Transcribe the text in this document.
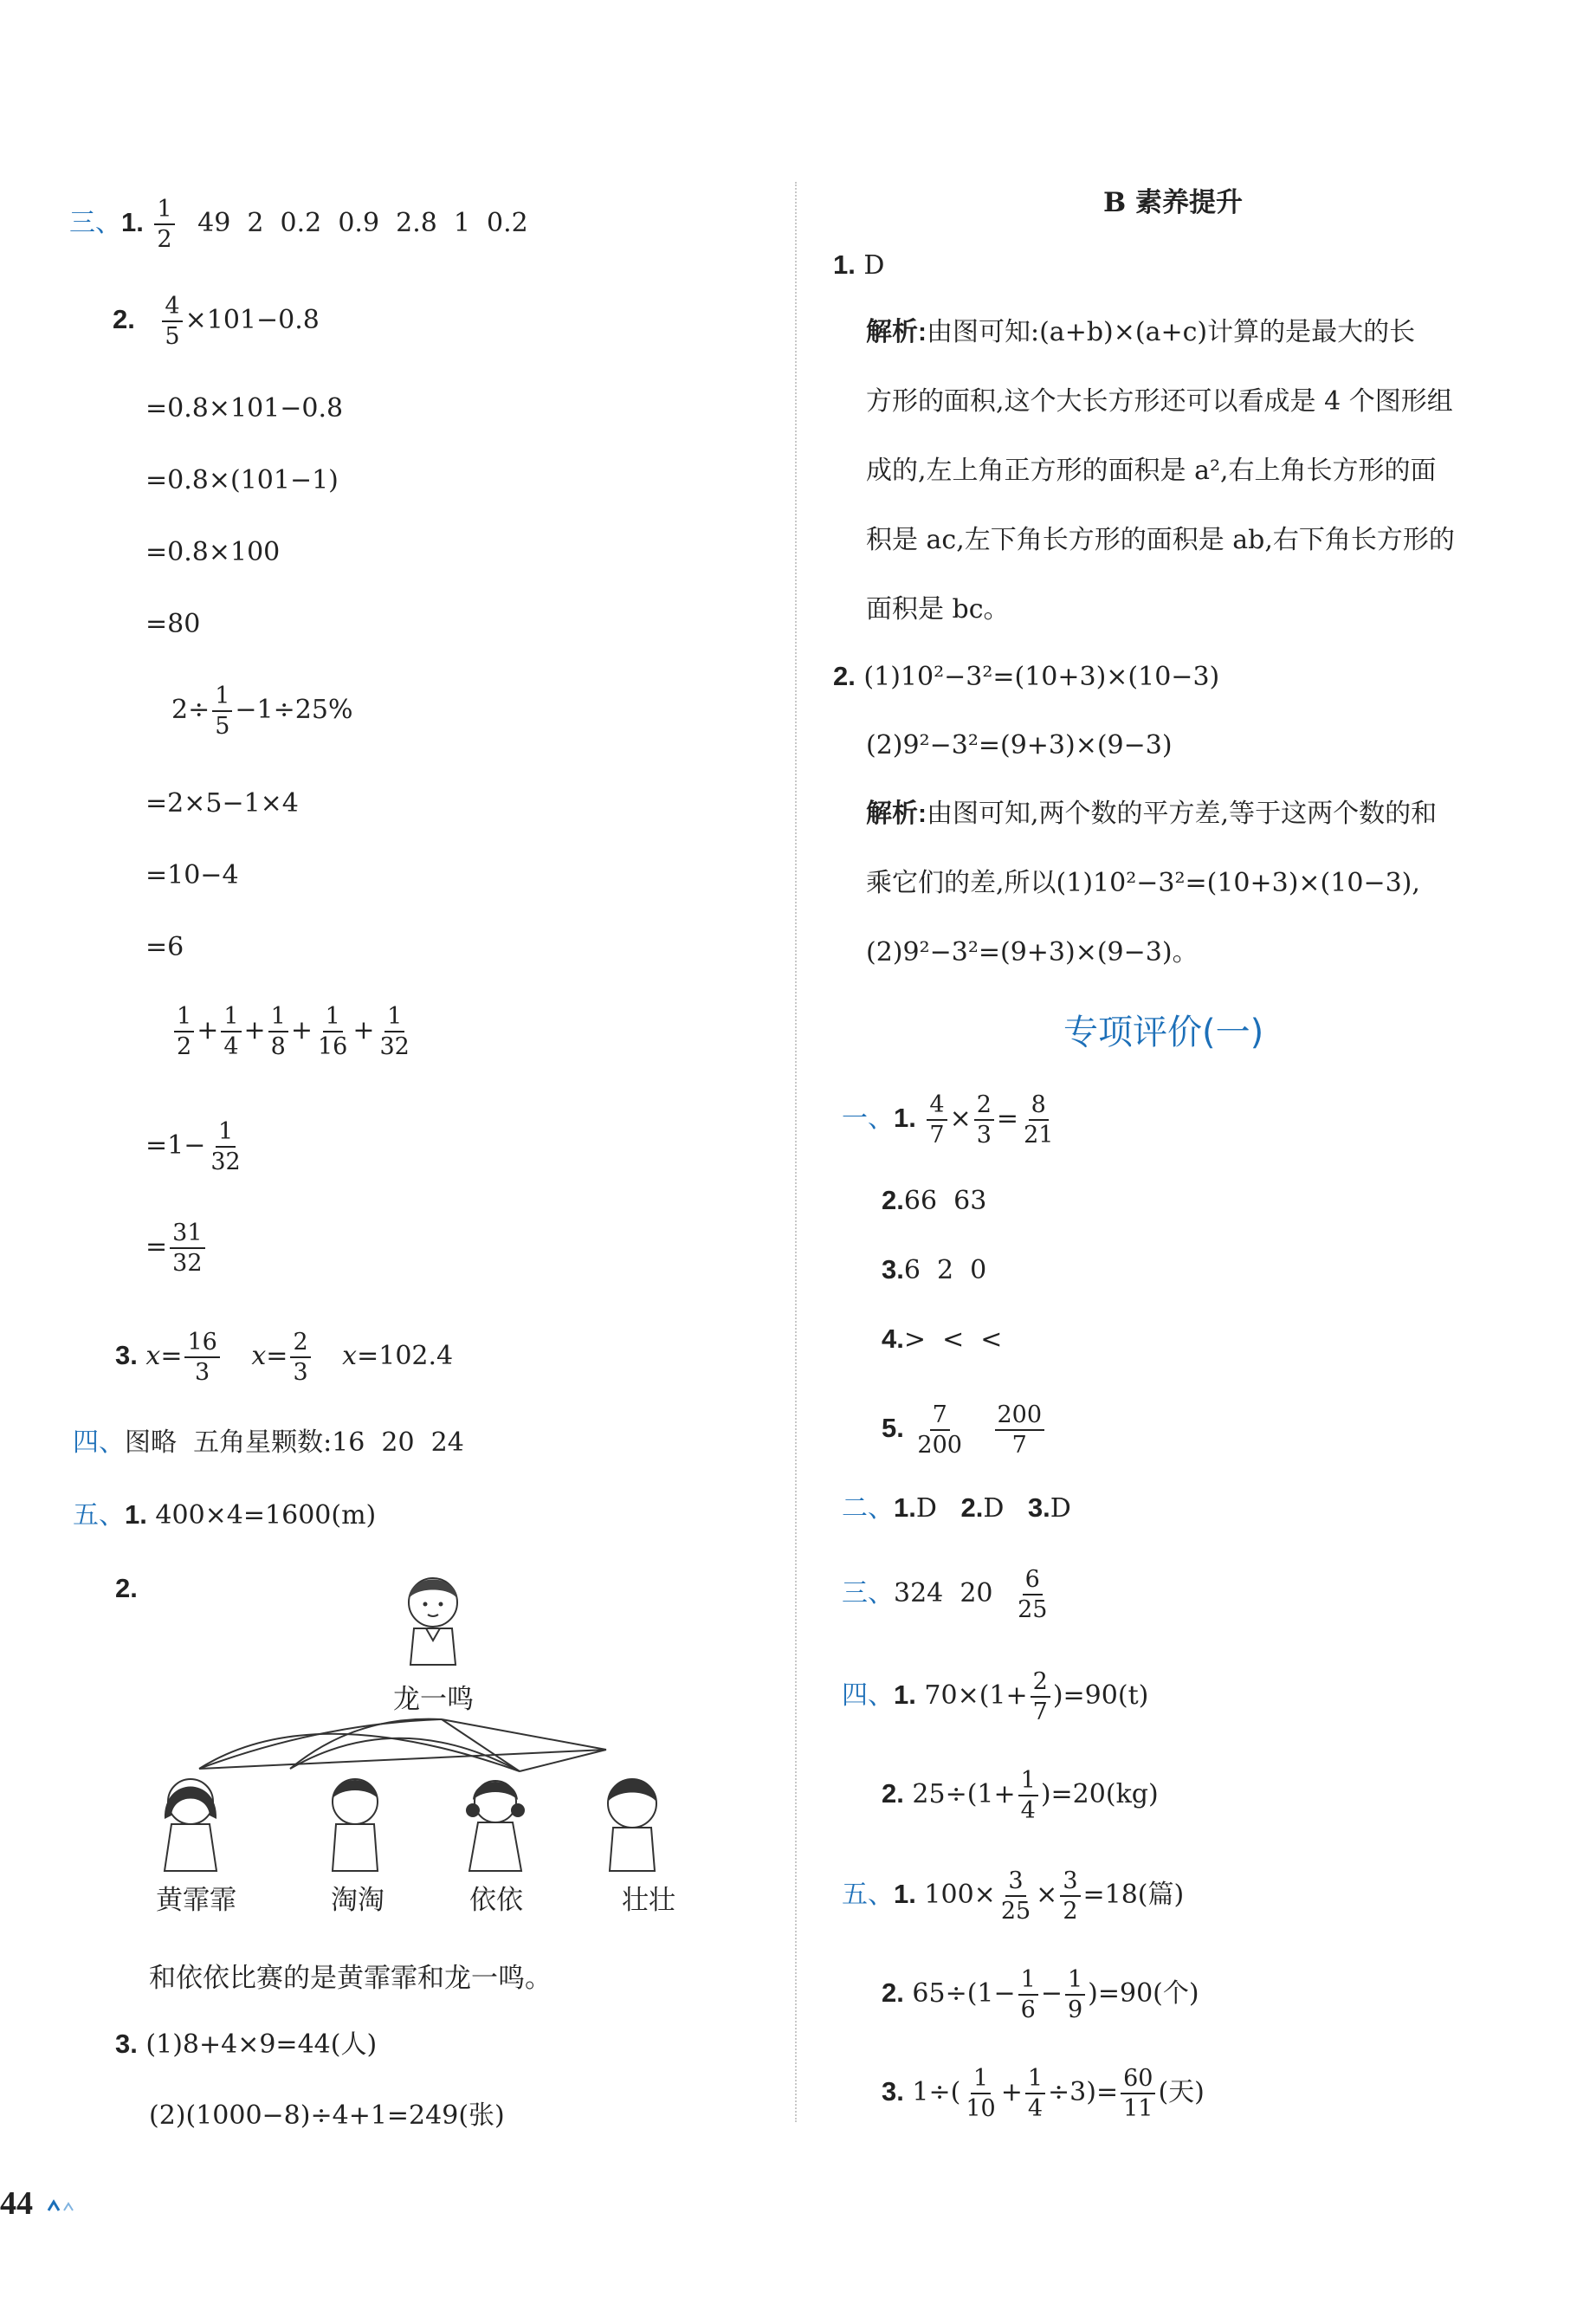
三、1. $\frac{1}{2} 49$  2  0.2  0.9  2.8  1  0.2
2. $\frac{4}{5} \times 101-0.8$
=0.8×101−0.8
=0.8×(101−1)
=0.8×100
=80
$2\div \frac{1}{5} -1\div 25\%$
=2×5−1×4
=10−4
=6
$\frac{1}{2} + \frac{1}{4} + \frac{1}{8} + \frac{1}{16} + \frac{1}{32}$
$=1- \frac{1}{32}$
= $\frac{31}{32}$
3. $x= \frac{16}{3} x= \frac{2}{3} x=102.4$
四、图略  五角星颗数:16  20  24
五、1. 400×4=1600(m)
2.
龙一鸣
黄霏霏	淘淘	依依	壮壮
和依依比赛的是黄霏霏和龙一鸣。
3. (1)8+4×9=44(人)
(2)(1000−8)÷4+1=249(张)
44
B 素养提升
1. D
解析:由图可知:(a+b)×(a+c)计算的是最大的长
方形的面积,这个大长方形还可以看成是 4 个图形组
成的,左上角正方形的面积是 a²,右上角长方形的面
积是 ac,左下角长方形的面积是 ab,右下角长方形的
面积是 bc。
2. (1)10²−3²=(10+3)×(10−3)
(2)9²−3²=(9+3)×(9−3)
解析:由图可知,两个数的平方差,等于这两个数的和
乘它们的差,所以(1)10²−3²=(10+3)×(10−3),
(2)9²−3²=(9+3)×(9−3)。
专项评价(一)
一、1. $\frac{4}{7} \times \frac{2}{3} = \frac{8}{21}$
2.66  63
3.6  2  0
4.>  <  <
5. $\frac{7}{200}$
$\frac{200}{7}$
二、1.D 2.D 3.D
三、324  $20 \frac{6}{25}$
四、1. $70\times(1+ \frac{2}{7} )=90(t)$
2. $25\div(1+ \frac{1}{4} )=20(kg)$
五、1. $100\times \frac{3}{25} \times \frac{3}{2} =18$(篇)
2. $65\div(1- \frac{1}{6} - \frac{1}{9} )=90$(个)
3. $1\div( \frac{1}{10} + \frac{1}{4} \div 3)= \frac{60}{11}$ (天)
